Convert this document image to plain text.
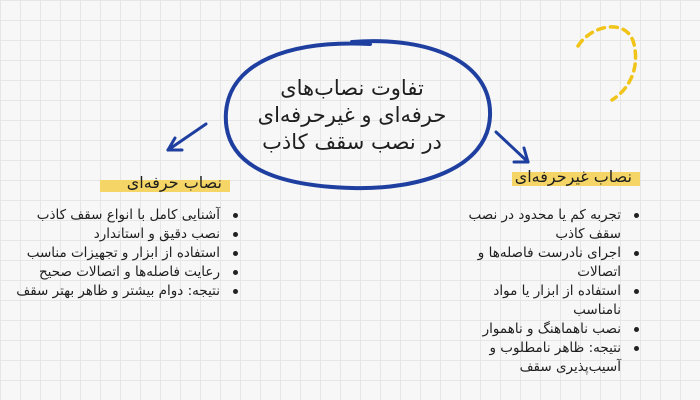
تفاوت نصاب‌های
حرفه‌ای و غیرحرفه‌ای
در نصب سقف کاذب
نصاب حرفه‌ای	نصاب غیرحرفه‌ای
آشنایی کامل با انواع سقف کاذب
نصب دقیق و استاندارد
استفاده از ابزار و تجهیزات مناسب
رعایت فاصله‌ها و اتصالات صحیح
نتیجه: دوام بیشتر و ظاهر بهتر سقف
تجربه کم یا محدود در نصب سقف کاذب
اجرای نادرست فاصله‌ها و اتصالات
استفاده از ابزار یا مواد نامناسب
نصب ناهماهنگ و ناهموار
نتیجه: ظاهر نامطلوب و آسیب‌پذیری سقف
